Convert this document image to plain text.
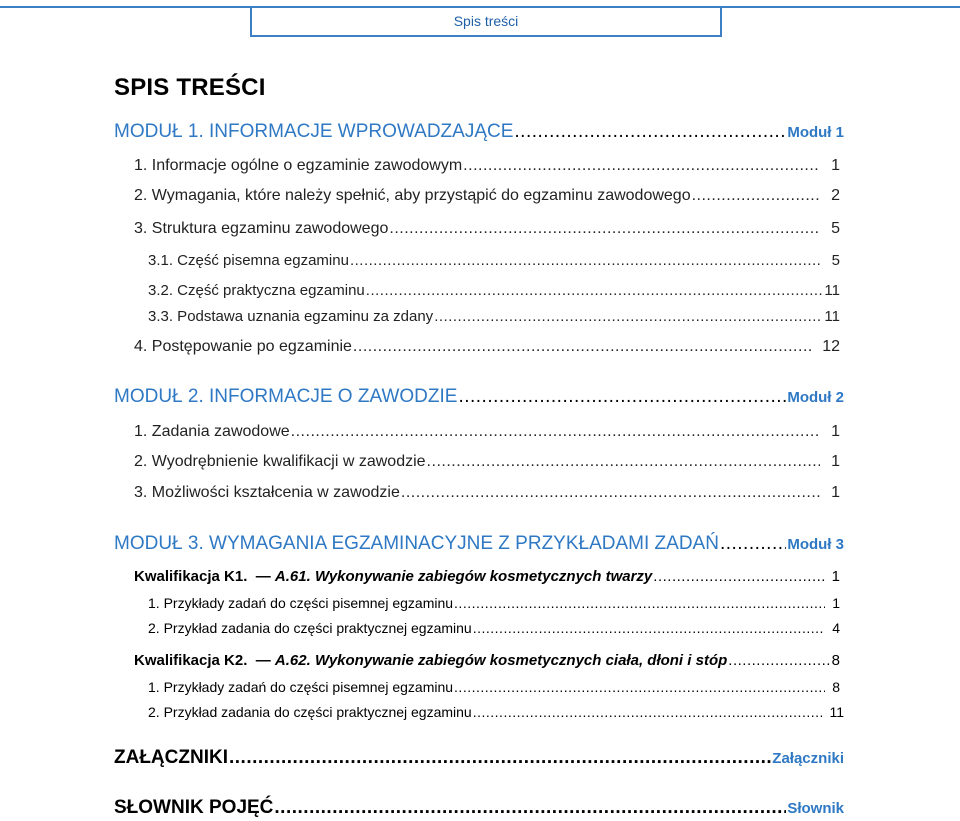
Spis treści
SPIS TREŚCI
MODUŁ 1. INFORMACJE WPROWADZAJĄCE .....	Moduł 1
1. Informacje ogólne o egzaminie zawodowym .....	1
2. Wymagania, które należy spełnić, aby przystąpić do egzaminu zawodowego .....	2
3. Struktura egzaminu zawodowego .....	5
3.1. Część pisemna egzaminu .....	5
3.2. Część praktyczna egzaminu .....	11
3.3. Podstawa uznania egzaminu za zdany .....	11
4. Postępowanie po egzaminie .....	12
MODUŁ 2. INFORMACJE O ZAWODZIE .....	Moduł 2
1. Zadania zawodowe .....	1
2. Wyodrębnienie kwalifikacji w zawodzie .....	1
3. Możliwości kształcenia w zawodzie .....	1
MODUŁ 3. WYMAGANIA EGZAMINACYJNE Z PRZYKŁADAMI ZADAŃ .....	Moduł 3
Kwalifikacja K1.  — A.61. Wykonywanie zabiegów kosmetycznych twarzy .....	1
1. Przykłady zadań do części pisemnej egzaminu .....	1
2. Przykład zadania do części praktycznej egzaminu .....	4
Kwalifikacja K2.  — A.62. Wykonywanie zabiegów kosmetycznych ciała, dłoni i stóp .....	8
1. Przykłady zadań do części pisemnej egzaminu .....	8
2. Przykład zadania do części praktycznej egzaminu .....	11
ZAŁĄCZNIKI .....	Załączniki
SŁOWNIK POJĘĆ .....	Słownik
